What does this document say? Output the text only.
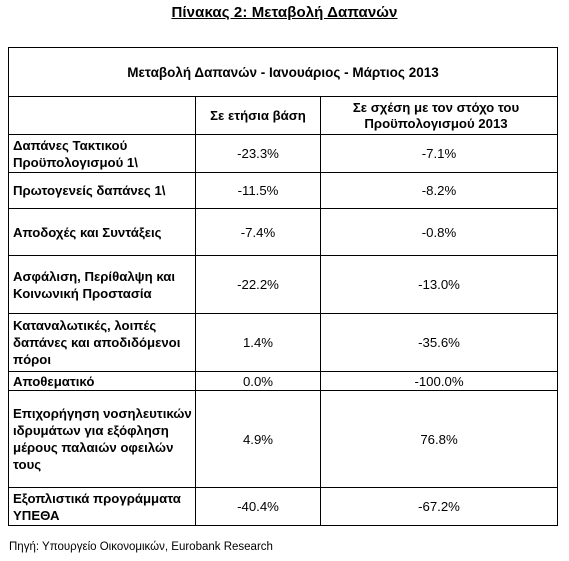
Πίνακας 2: Μεταβολή Δαπανών
Μεταβολή Δαπανών - Ιανουάριος - Μάρτιος 2013		
	Σε ετήσια βάση	Σε σχέση με τον στόχο του Προϋπολογισμού 2013
Δαπάνες Τακτικού Προϋπολογισμού 1\	-23.3%	-7.1%
Πρωτογενείς δαπάνες 1\	-11.5%	-8.2%
Αποδοχές και Συντάξεις	-7.4%	-0.8%
Ασφάλιση, Περίθαλψη και Κοινωνική Προστασία	-22.2%	-13.0%
Καταναλωτικές, λοιπές δαπάνες και αποδιδόμενοι πόροι	1.4%	-35.6%
Αποθεματικό	0.0%	-100.0%
Επιχορήγηση νοσηλευτικών ιδρυμάτων για εξόφληση μέρους παλαιών οφειλών τους	4.9%	76.8%
Εξοπλιστικά προγράμματα ΥΠΕΘΑ	-40.4%	-67.2%
Πηγή: Υπουργείο Οικονομικών, Eurobank Research
